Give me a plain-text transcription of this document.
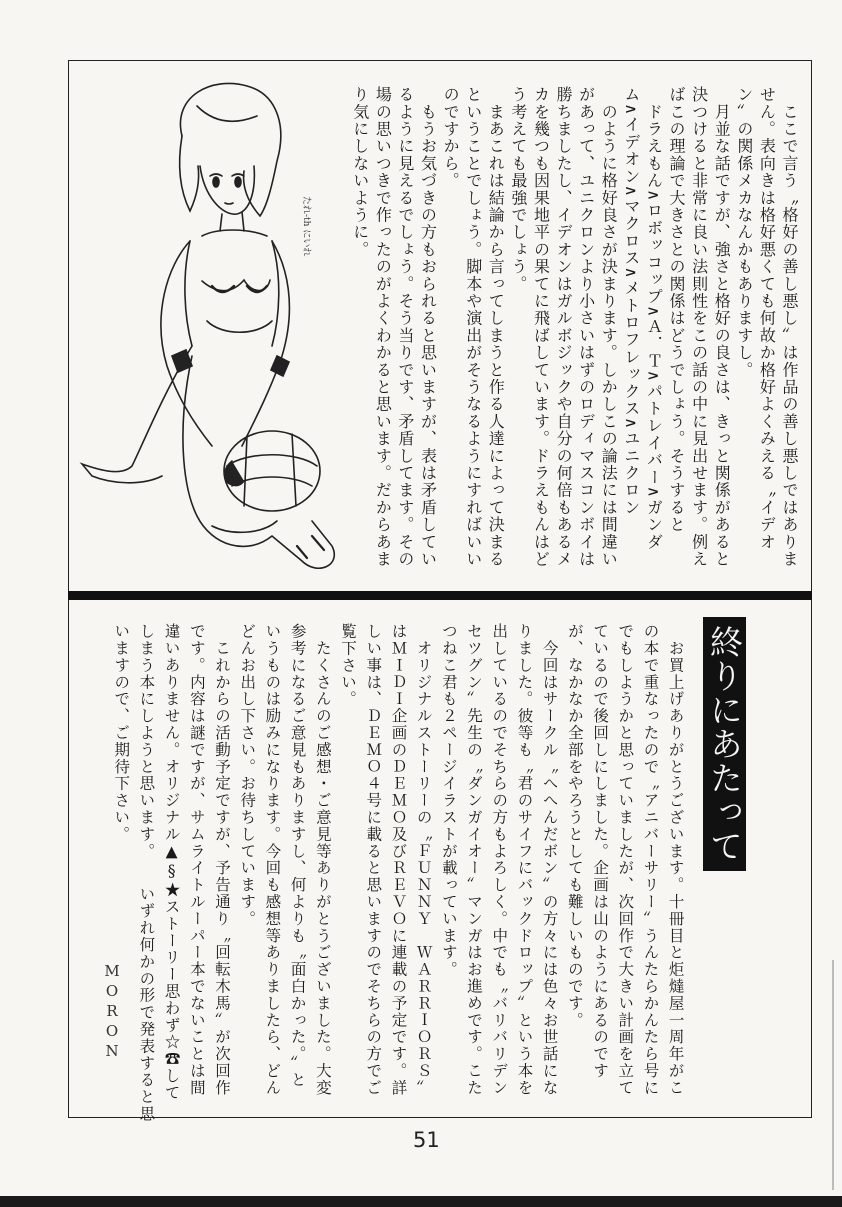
たれ-th にいれ	　ここで言う〝格好の善し悪し〟は作品の善し悪しではありま
せん。表向きは格好悪くても何故か格好よくみえる〝イデオ
ン〟の関係メカなんかもありますし。
　月並な話ですが、強さと格好の良さは、きっと関係があると
決つけると非常に良い法則性をこの話の中に見出せます。例え
ばこの理論で大きさとの関係はどうでしょう。そうすると
　ドラえもん∧ロボッコップ∧Ａ．Ｔ∧パトレイバー∧ガンダ
ム∧イデオン∧マクロス∧メトロフレックス∧ユニクロン
　のように格好良さが決まります。しかしこの論法には間違い
があって、ユニクロンより小さいはずのロディマスコンボイは
勝ちましたし、イデオンはガルボジックや自分の何倍もあるメ
カを幾つも因果地平の果てに飛ばしています。ドラえもんはど
う考えても最強でしょう。
　まあこれは結論から言ってしまうと作る人達によって決まる
ということでしょう。脚本や演出がそうなるようにすればいい
のですから。
　もうお気づきの方もおられると思いますが、表は矛盾してい
るように見えるでしょう。そう当りです、矛盾してます。その
場の思いつきで作ったのがよくわかると思います。だからあま
り気にしないように。
終りにあたって
　お買上げありがとうございます。十冊目と炬燵屋一周年がこ
の本で重なったので〝アニバーサリー〟うんたらかんたら号に
でもしようかと思っていましたが、次回作で大きい計画を立て
ているので後回しにしました。企画は山のようにあるのです
が、なかなか全部をやろうとしても難しいものです。
　今回はサークル〝へへんだボン〟の方々には色々お世話にな
りました。彼等も〝君のサイフにバックドロップ〟という本を
出しているのでそちらの方もよろしく。中でも〝バリバリデン
セツグン〟先生の〝ダンガイオー〟マンガはお進めです。こた
つねこ君も２ページイラストが載っています。
　オリジナルストーリーの〝ＦＵＮＮＹ　ＷＡＲＲＩＯＲＳ〟
はＭＩＤＩ企画のＤＥＭＯ及びＲＥＶＯに連載の予定です。詳
しい事は、ＤＥＭＯ４号に載ると思いますのでそちらの方でご
覧下さい。
　たくさんのご感想・ご意見等ありがとうございました。大変
参考になるご意見もありますし、何よりも〝面白かった。〟と
いうものは励みになります。今回も感想等ありましたら、どん
どんお出し下さい。お待ちしています。
　これからの活動予定ですが、予告通り〝回転木馬〟が次回作
です。内容は謎ですが、サムライトルーパー本でないことは間
違いありません。オリジナル▲§★ストーリー思わず☆☎して
しまう本にしようと思います。　　いずれ何かの形で発表すると思
いますので、ご期待下さい。
MORON
51
